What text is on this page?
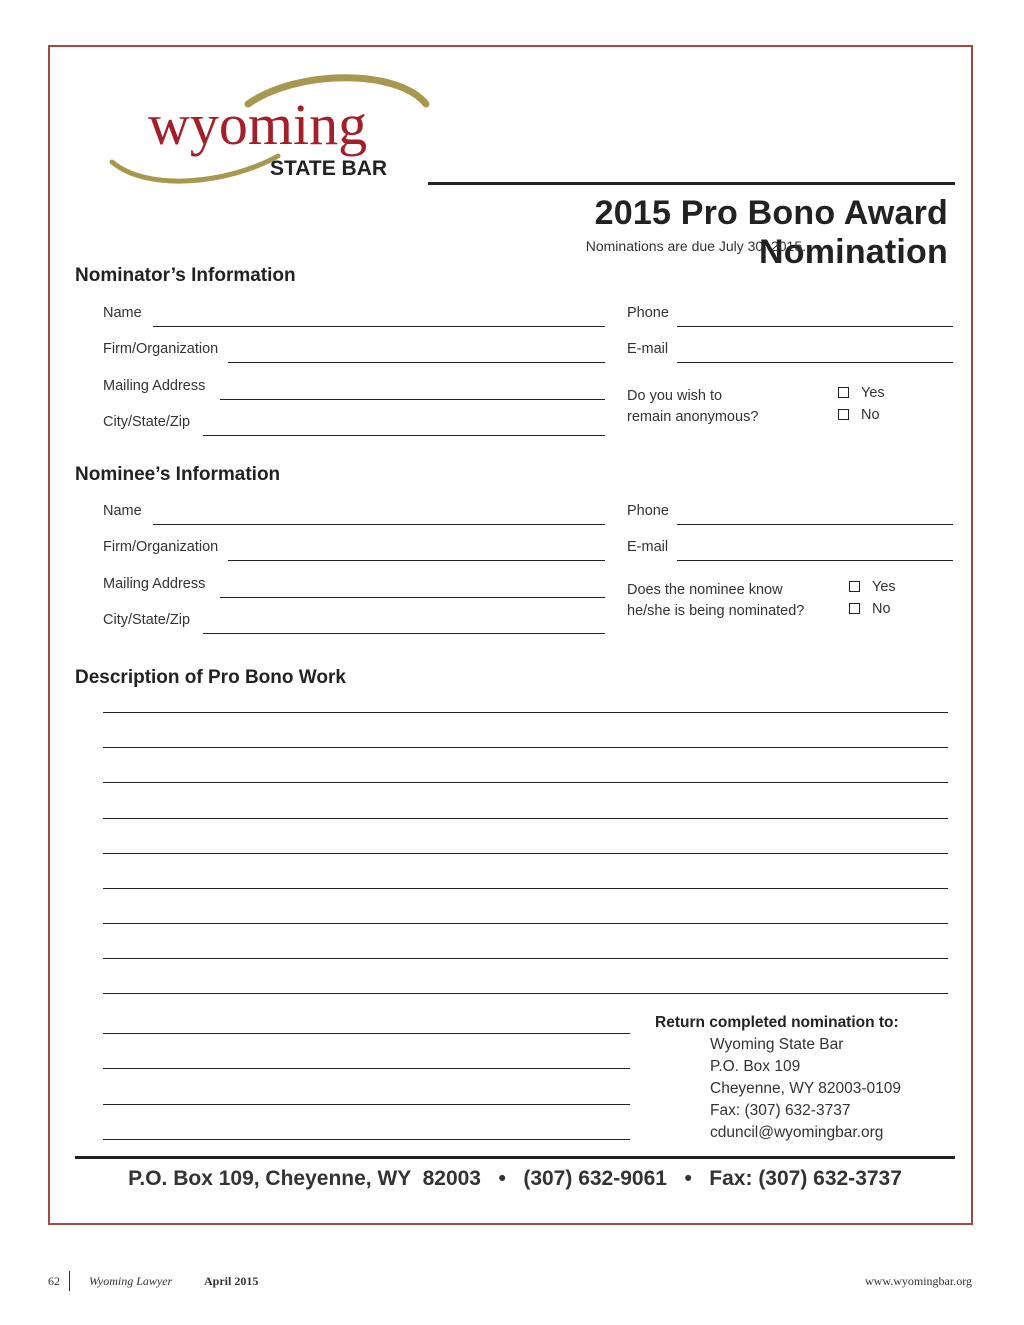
wyoming
STATE BAR
2015 Pro Bono Award Nomination
Nominations are due July 30, 2015.
Nominator’s Information
Name
Firm/Organization
Mailing Address
City/State/Zip
Phone
E-mail
Do you wish to
remain anonymous?
Yes
No
Nominee’s Information
Name
Firm/Organization
Mailing Address
City/State/Zip
Phone
E-mail
Does the nominee know
he/she is being nominated?
Yes
No
Description of Pro Bono Work
Return completed nomination to:
Wyoming State Bar
P.O. Box 109
Cheyenne, WY 82003-0109
Fax: (307) 632-3737
cduncil@wyomingbar.org
P.O. Box 109, Cheyenne, WY  82003   •   (307) 632-9061   •   Fax: (307) 632-3737
62 Wyoming Lawyer	April 2015	www.wyomingbar.org
